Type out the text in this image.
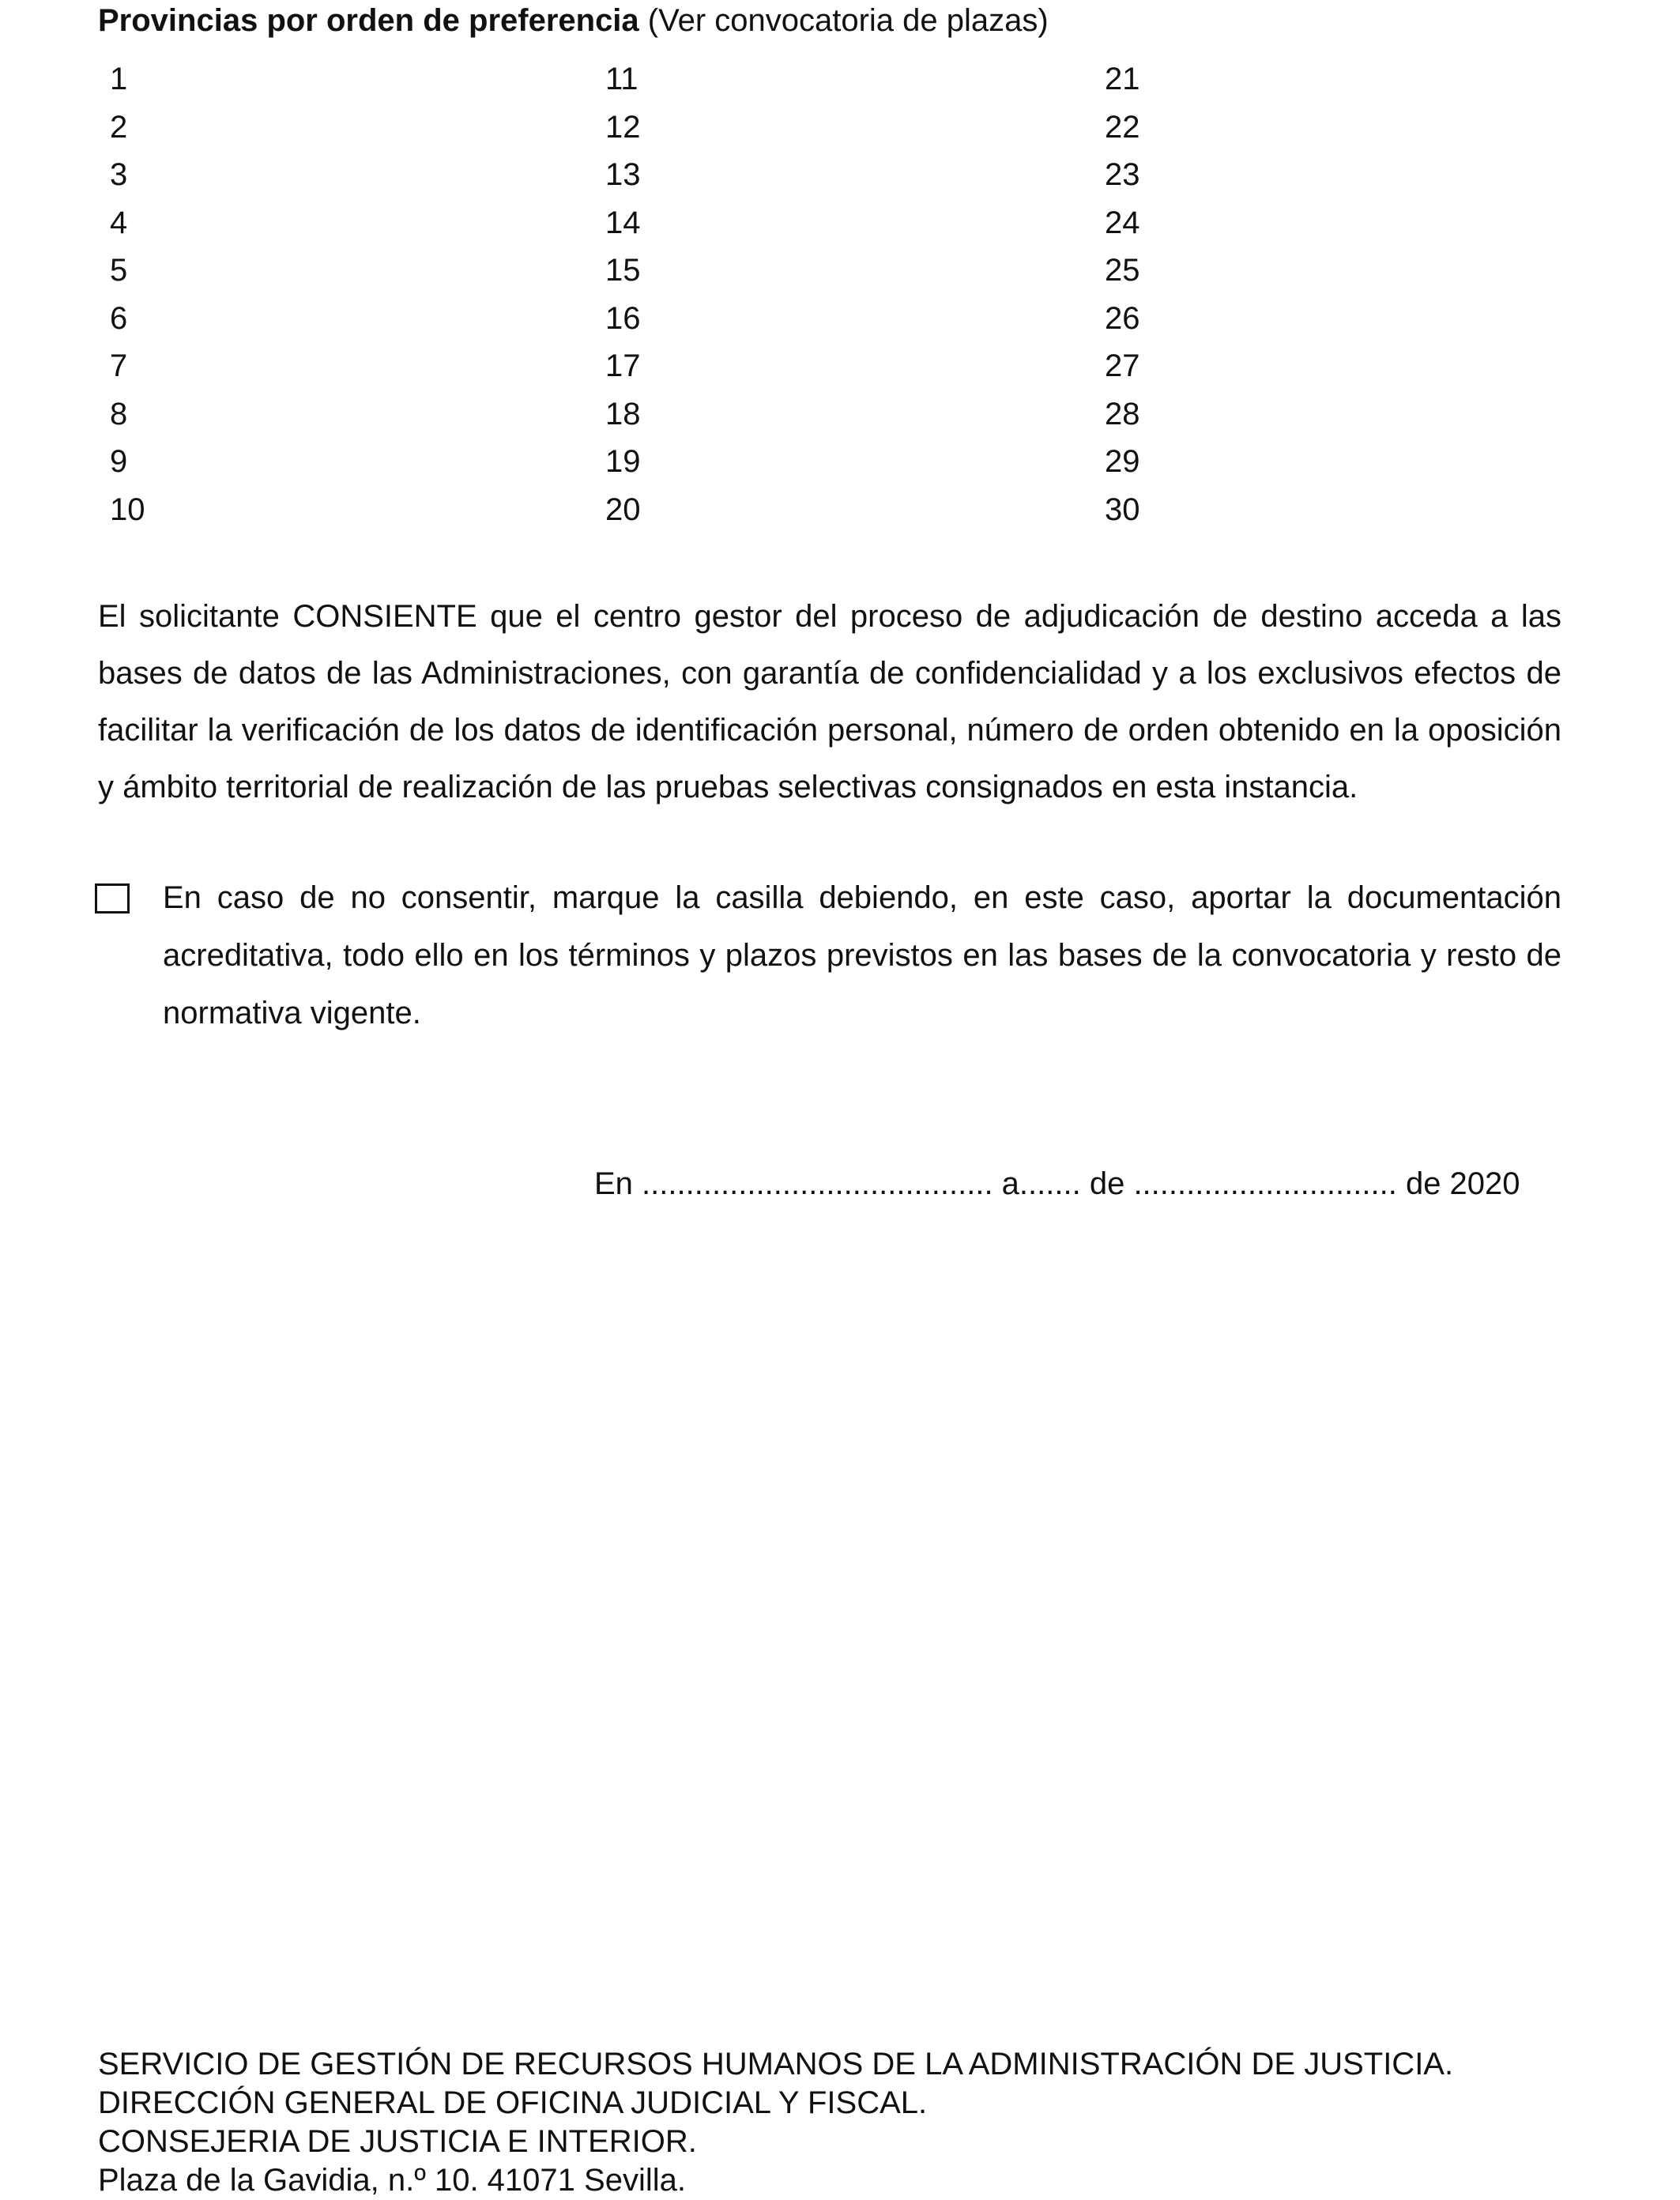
Provincias por orden de preferencia (Ver convocatoria de plazas)
1
2
3
4
5
6
7
8
9
10
11
12
13
14
15
16
17
18
19
20
21
22
23
24
25
26
27
28
29
30
El solicitante CONSIENTE que el centro gestor del proceso de adjudicación de destino acceda a las bases de datos de las Administraciones, con garantía de confidencialidad y a los exclusivos efectos de facilitar la verificación de los datos de identificación personal, número de orden obtenido en la oposición y ámbito territorial de realización de las pruebas selectivas consignados en esta instancia.
En caso de no consentir, marque la casilla debiendo, en este caso, aportar la documentación acreditativa, todo ello en los términos y plazos previstos en las bases de la convocatoria y resto de normativa vigente.
En ........................................ a....... de .............................. de 2020
SERVICIO DE GESTIÓN DE RECURSOS HUMANOS DE LA ADMINISTRACIÓN DE JUSTICIA.
DIRECCIÓN GENERAL DE OFICINA JUDICIAL Y FISCAL.
CONSEJERIA DE JUSTICIA E INTERIOR.
Plaza de la Gavidia, n.º 10. 41071 Sevilla.
